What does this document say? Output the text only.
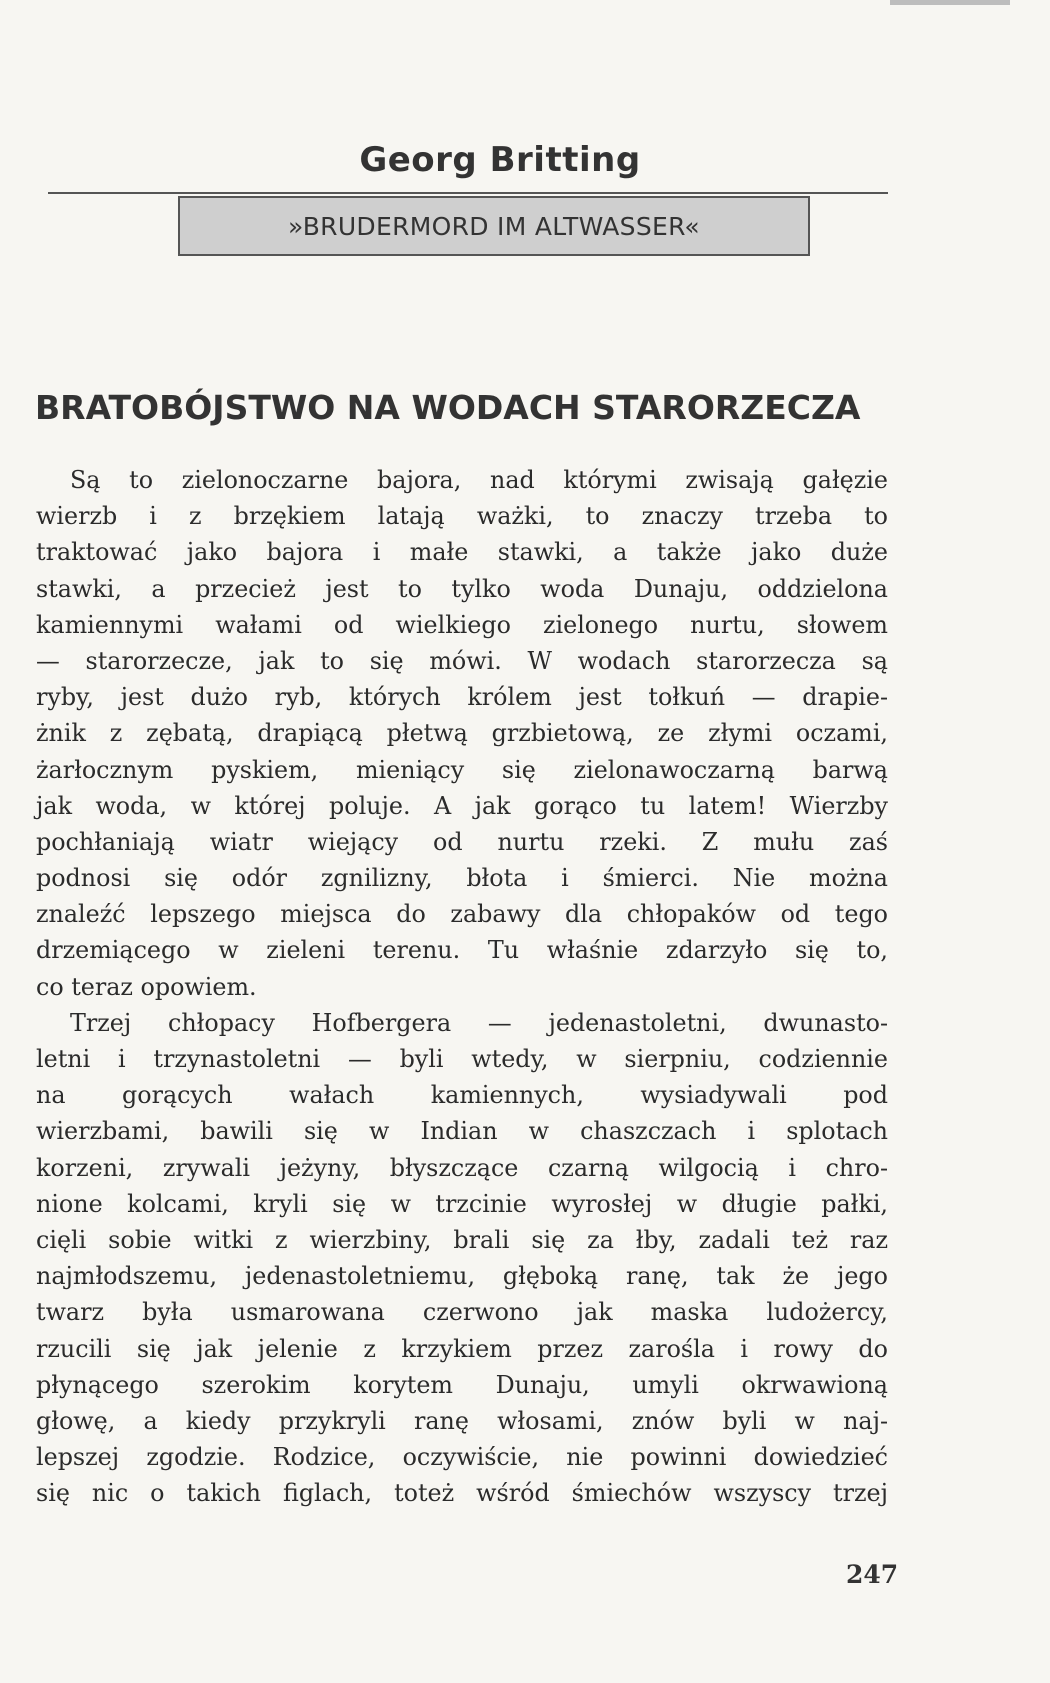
Georg Britting
»BRUDERMORD IM ALTWASSER«
BRATOBÓJSTWO NA WODACH STARORZECZA
Są to zielonoczarne bajora, nad którymi zwisają gałęzie
wierzb i z brzękiem latają ważki, to znaczy trzeba to
traktować jako bajora i małe stawki, a także jako duże
stawki, a przecież jest to tylko woda Dunaju, oddzielona
kamiennymi wałami od wielkiego zielonego nurtu, słowem
— starorzecze, jak to się mówi. W wodach starorzecza są
ryby, jest dużo ryb, których królem jest tołkuń — drapie-
żnik z zębatą, drapiącą płetwą grzbietową, ze złymi oczami,
żarłocznym pyskiem, mieniący się zielonawoczarną barwą
jak woda, w której poluje. A jak gorąco tu latem! Wierzby
pochłaniają wiatr wiejący od nurtu rzeki. Z mułu zaś
podnosi się odór zgnilizny, błota i śmierci. Nie można
znaleźć lepszego miejsca do zabawy dla chłopaków od tego
drzemiącego w zieleni terenu. Tu właśnie zdarzyło się to,
co teraz opowiem.
Trzej chłopacy Hofbergera — jedenastoletni, dwunasto-
letni i trzynastoletni — byli wtedy, w sierpniu, codziennie
na gorących wałach kamiennych, wysiadywali pod
wierzbami, bawili się w Indian w chaszczach i splotach
korzeni, zrywali jeżyny, błyszczące czarną wilgocią i chro-
nione kolcami, kryli się w trzcinie wyrosłej w długie pałki,
cięli sobie witki z wierzbiny, brali się za łby, zadali też raz
najmłodszemu, jedenastoletniemu, głęboką ranę, tak że jego
twarz była usmarowana czerwono jak maska ludożercy,
rzucili się jak jelenie z krzykiem przez zarośla i rowy do
płynącego szerokim korytem Dunaju, umyli okrwawioną
głowę, a kiedy przykryli ranę włosami, znów byli w naj-
lepszej zgodzie. Rodzice, oczywiście, nie powinni dowiedzieć
się nic o takich figlach, toteż wśród śmiechów wszyscy trzej
247
